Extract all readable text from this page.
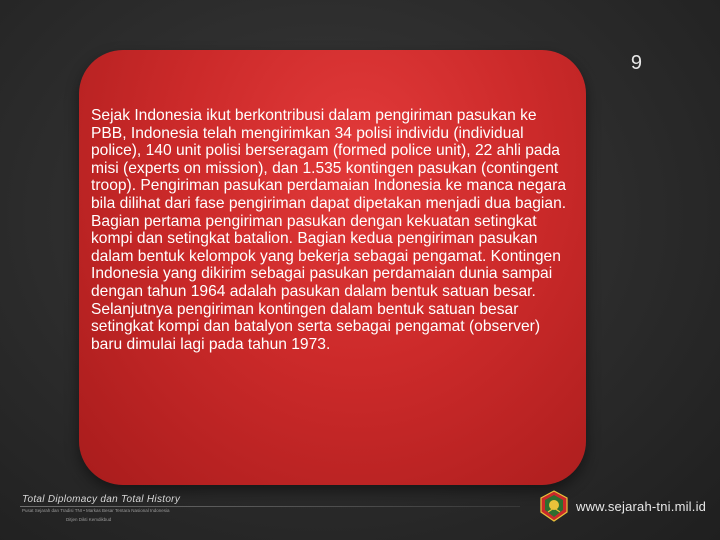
9

Sejak Indonesia ikut berkontribusi dalam pengiriman pasukan ke PBB, Indonesia telah mengirimkan 34 polisi individu (individual police), 140 unit polisi berseragam (formed police unit), 22 ahli pada misi (experts on mission), dan 1.535 kontingen pasukan (contingent troop). Pengiriman pasukan perdamaian Indonesia ke manca negara bila dilihat dari fase pengiriman dapat dipetakan menjadi dua bagian. Bagian pertama pengiriman pasukan dengan kekuatan setingkat kompi dan setingkat batalion. Bagian kedua pengiriman pasukan dalam bentuk kelompok yang bekerja sebagai pengamat. Kontingen Indonesia yang dikirim sebagai pasukan perdamaian dunia sampai dengan tahun 1964 adalah pasukan dalam bentuk satuan besar. Selanjutnya pengiriman kontingen dalam bentuk satuan besar setingkat kompi dan batalyon serta sebagai pengamat (observer) baru dimulai lagi pada tahun 1973.

Total Diplomacy dan Total History
Pusat Sejarah dan Tradisi TNI • Markas Besar Tentara Nasional Indonesia
Ditjen Dikti Kemdikbud
www.sejarah-tni.mil.id
